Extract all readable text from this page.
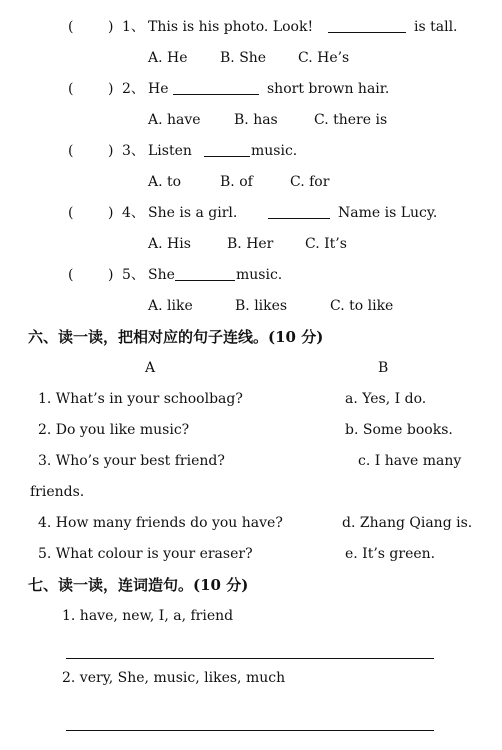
( ) 1、 This is his photo. Look!	is tall.
A. He B. She C. He’s
( ) 2、 He	short brown hair.
A. have B. has	C. there is
( ) 3、 Listen	music.
A. to	B. of	C. for
( ) 4、 She is a girl.	Name is Lucy.
A. His	B. Her C. It’s
( ) 5、 She	music.
A. like	B. likes	C. to like
六、读一读，把相对应的句子连线。(10 分)
A	B
1. What’s in your schoolbag?	a. Yes, I do.
2. Do you like music?	b. Some books.
3. Who’s your best friend?	c. I have many
friends.
4. How many friends do you have?	d. Zhang Qiang is.
5. What colour is your eraser?	e. It’s green.
七、读一读，连词造句。(10 分)
1. have, new, I, a, friend
2. very, She, music, likes, much
